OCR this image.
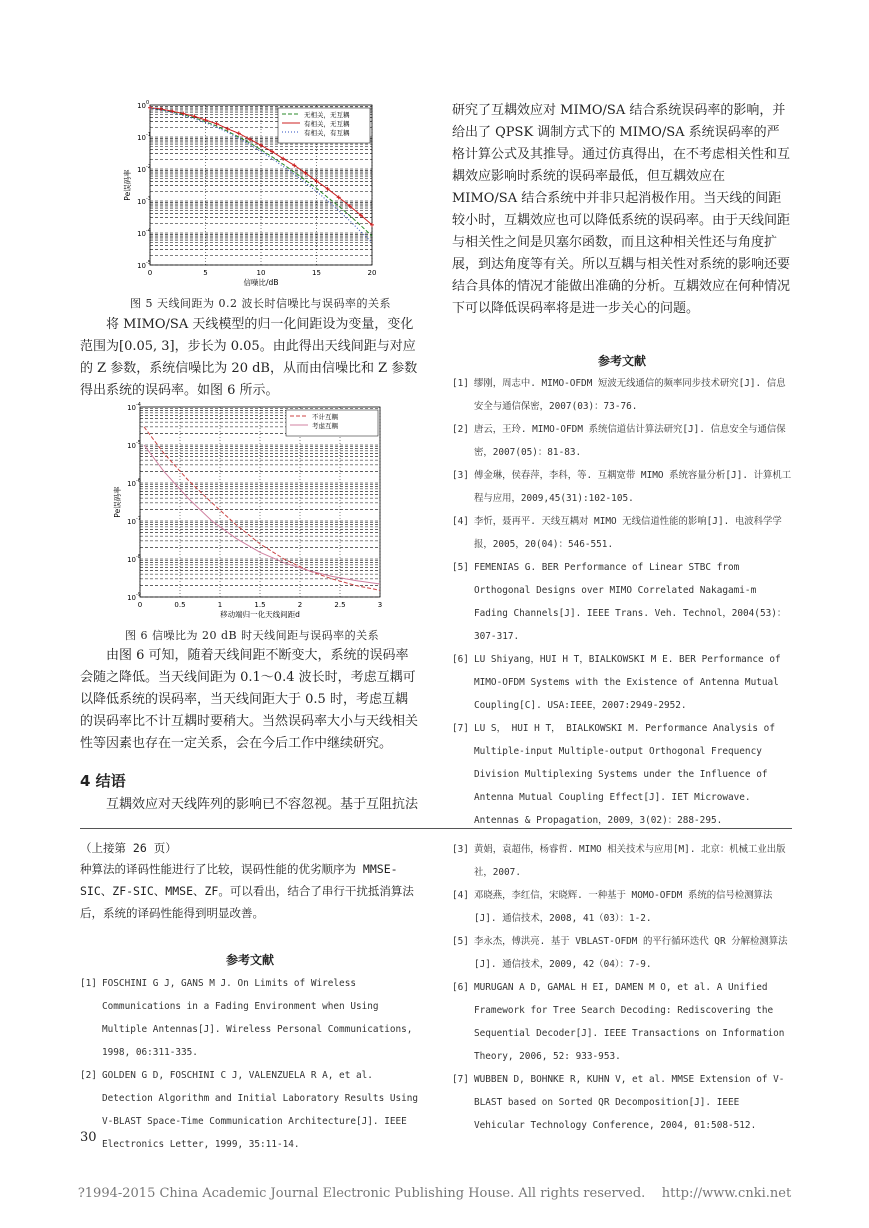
0	5	10	15	20
10 0
10 -1
10 -2
10 -3
10 -4
10 -5
信噪比/dB
Pe误码率
无相关，无互耦
有相关，无互耦
有相关，有互耦
图 5 天线间距为 0.2 波长时信噪比与误码率的关系
将 MIMO/SA 天线模型的归一化间距设为变量，变化范围为[0.05, 3]，步长为 0.05。由此得出天线间距与对应的 Z 参数，系统信噪比为 20 dB，从而由信噪比和 Z 参数得出系统的误码率。如图 6 所示。
0	0.5	1	1.5	2	2.5	3
10 -4
10 -5
10 -6
10 -7
10 -8
10 -9
移动端归一化天线间距d
Pe误码率
不计互耦
考虑互耦
图 6 信噪比为 20 dB 时天线间距与误码率的关系
由图 6 可知，随着天线间距不断变大，系统的误码率会随之降低。当天线间距为 0.1～0.4 波长时，考虑互耦可以降低系统的误码率，当天线间距大于 0.5 时，考虑互耦的误码率比不计互耦时要稍大。当然误码率大小与天线相关性等因素也存在一定关系，会在今后工作中继续研究。
4 结语
互耦效应对天线阵列的影响已不容忽视。基于互阻抗法
研究了互耦效应对 MIMO/SA 结合系统误码率的影响，并给出了 QPSK 调制方式下的 MIMO/SA 系统误码率的严格计算公式及其推导。通过仿真得出，在不考虑相关性和互耦效应影响时系统的误码率最低，但互耦效应在 MIMO/SA 结合系统中并非只起消极作用。当天线的间距较小时，互耦效应也可以降低系统的误码率。由于天线间距与相关性之间是贝塞尔函数，而且这种相关性还与角度扩展，到达角度等有关。所以互耦与相关性对系统的影响还要结合具体的情况才能做出准确的分析。互耦效应在何种情况下可以降低误码率将是进一步关心的问题。
参考文献
[1] 缪刚，周志中. MIMO-OFDM 短波无线通信的频率同步技术研究[J]. 信息安全与通信保密，2007(03)：73-76.
[2] 唐云，王玲. MIMO-OFDM 系统信道估计算法研究[J]. 信息安全与通信保密，2007(05)：81-83.
[3] 傅金琳，侯春萍，李科，等. 互耦宽带 MIMO 系统容量分析[J]. 计算机工程与应用，2009,45(31):102-105.
[4] 李忻，聂再平. 天线互耦对 MIMO 无线信道性能的影响[J]. 电波科学学报，2005，20(04)：546-551.
[5] FEMENIAS G. BER Performance of Linear STBC from Orthogonal Designs over MIMO Correlated Nakagami-m Fading Channels[J]. IEEE Trans. Veh. Technol，2004(53)：307-317.
[6] LU Shiyang，HUI H T，BIALKOWSKI M E. BER Performance of MIMO-OFDM Systems with the Existence of Antenna Mutual Coupling[C]. USA:IEEE，2007:2949-2952.
[7] LU S， HUI H T， BIALKOWSKI M. Performance Analysis of Multiple-input Multiple-output Orthogonal Frequency Division Multiplexing Systems under the Influence of Antenna Mutual Coupling Effect[J]. IET Microwave. Antennas & Propagation，2009，3(02)：288-295.
（上接第 26 页）
种算法的译码性能进行了比较，误码性能的优劣顺序为 MMSE-SIC、ZF-SIC、MMSE、ZF。可以看出，结合了串行干扰抵消算法后，系统的译码性能得到明显改善。
参考文献
[1] FOSCHINI G J, GANS M J. On Limits of Wireless Communications in a Fading Environment when Using Multiple Antennas[J]. Wireless Personal Communications, 1998, 06:311-335.
[2] GOLDEN G D, FOSCHINI C J, VALENZUELA R A, et al. Detection Algorithm and Initial Laboratory Results Using V-BLAST Space-Time Communication Architecture[J]. IEEE Electronics Letter, 1999, 35:11-14.
[3] 黄娟，袁超伟，杨睿哲. MIMO 相关技术与应用[M]. 北京：机械工业出版社，2007.
[4] 邓晓燕，李红信，宋晓辉. 一种基于 MOMO-OFDM 系统的信号检测算法[J]. 通信技术，2008, 41（03）：1-2.
[5] 李永杰，傅洪亮. 基于 VBLAST-OFDM 的平行循环迭代 QR 分解检测算法[J]. 通信技术，2009, 42（04）：7-9.
[6] MURUGAN A D, GAMAL H EI, DAMEN M O, et al. A Unified Framework for Tree Search Decoding: Rediscovering the Sequential Decoder[J]. IEEE Transactions on Information Theory, 2006, 52: 933-953.
[7] WUBBEN D, BOHNKE R, KUHN V, et al. MMSE Extension of V-BLAST based on Sorted QR Decomposition[J]. IEEE Vehicular Technology Conference, 2004, 01:508-512.
30
?1994-2015 China Academic Journal Electronic Publishing House. All rights reserved.    http://www.cnki.net
